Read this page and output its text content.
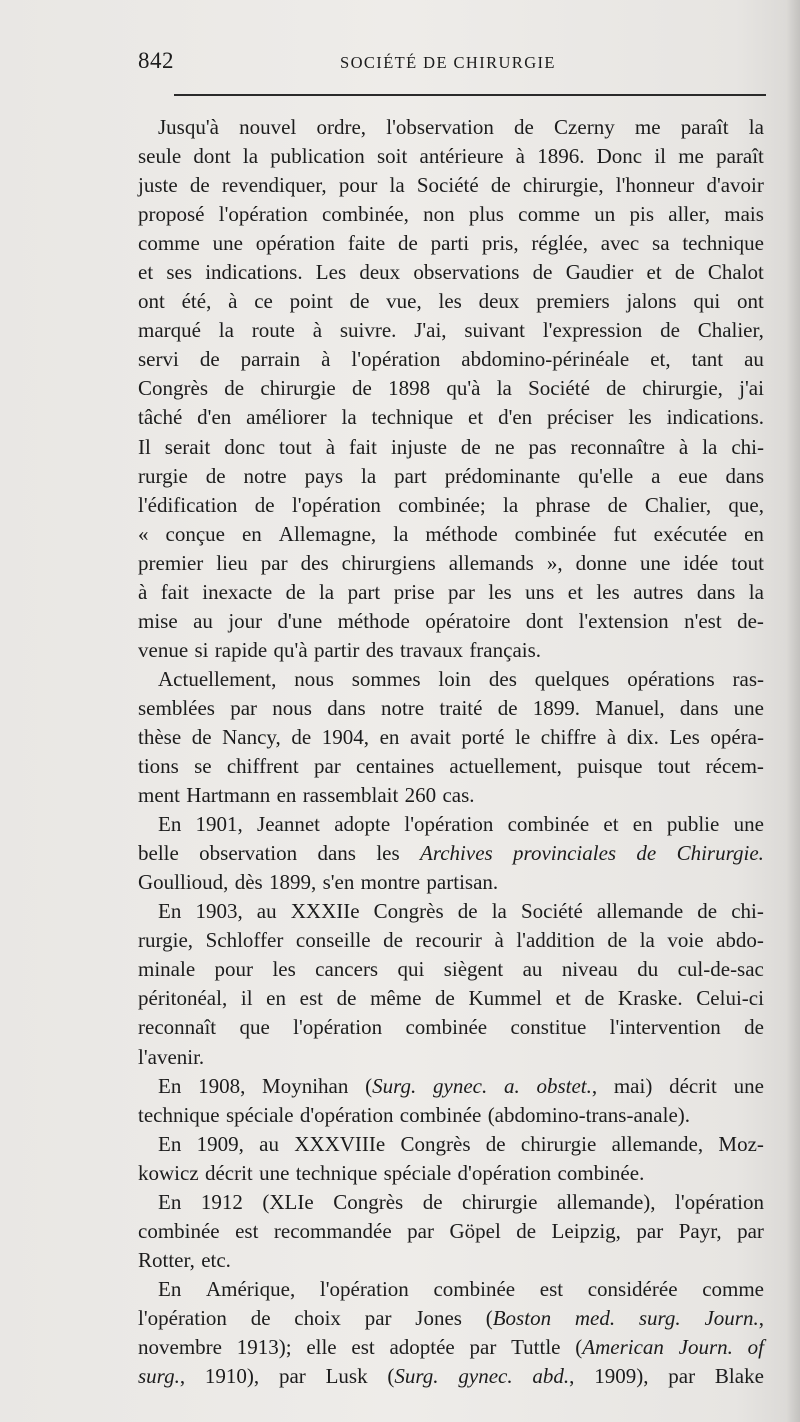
842	SOCIÉTÉ DE CHIRURGIE
Jusqu'à nouvel ordre, l'observation de Czerny me paraît la
seule dont la publication soit antérieure à 1896. Donc il me paraît
juste de revendiquer, pour la Société de chirurgie, l'honneur d'avoir
proposé l'opération combinée, non plus comme un pis aller, mais
comme une opération faite de parti pris, réglée, avec sa technique
et ses indications. Les deux observations de Gaudier et de Chalot
ont été, à ce point de vue, les deux premiers jalons qui ont
marqué la route à suivre. J'ai, suivant l'expression de Chalier,
servi de parrain à l'opération abdomino-périnéale et, tant au
Congrès de chirurgie de 1898 qu'à la Société de chirurgie, j'ai
tâché d'en améliorer la technique et d'en préciser les indications.
Il serait donc tout à fait injuste de ne pas reconnaître à la chi-
rurgie de notre pays la part prédominante qu'elle a eue dans
l'édification de l'opération combinée; la phrase de Chalier, que,
« conçue en Allemagne, la méthode combinée fut exécutée en
premier lieu par des chirurgiens allemands », donne une idée tout
à fait inexacte de la part prise par les uns et les autres dans la
mise au jour d'une méthode opératoire dont l'extension n'est de-
venue si rapide qu'à partir des travaux français.
Actuellement, nous sommes loin des quelques opérations ras-
semblées par nous dans notre traité de 1899. Manuel, dans une
thèse de Nancy, de 1904, en avait porté le chiffre à dix. Les opéra-
tions se chiffrent par centaines actuellement, puisque tout récem-
ment Hartmann en rassemblait 260 cas.
En 1901, Jeannet adopte l'opération combinée et en publie une
belle observation dans les Archives provinciales de Chirurgie.
Goullioud, dès 1899, s'en montre partisan.
En 1903, au XXXIIe Congrès de la Société allemande de chi-
rurgie, Schloffer conseille de recourir à l'addition de la voie abdo-
minale pour les cancers qui siègent au niveau du cul-de-sac
péritonéal, il en est de même de Kummel et de Kraske. Celui-ci
reconnaît que l'opération combinée constitue l'intervention de
l'avenir.
En 1908, Moynihan (Surg. gynec. a. obstet., mai) décrit une
technique spéciale d'opération combinée (abdomino-trans-anale).
En 1909, au XXXVIIIe Congrès de chirurgie allemande, Moz-
kowicz décrit une technique spéciale d'opération combinée.
En 1912 (XLIe Congrès de chirurgie allemande), l'opération
combinée est recommandée par Göpel de Leipzig, par Payr, par
Rotter, etc.
En Amérique, l'opération combinée est considérée comme
l'opération de choix par Jones (Boston med. surg. Journ.,
novembre 1913); elle est adoptée par Tuttle (American Journ. of
surg., 1910), par Lusk (Surg. gynec. abd., 1909), par Blake
